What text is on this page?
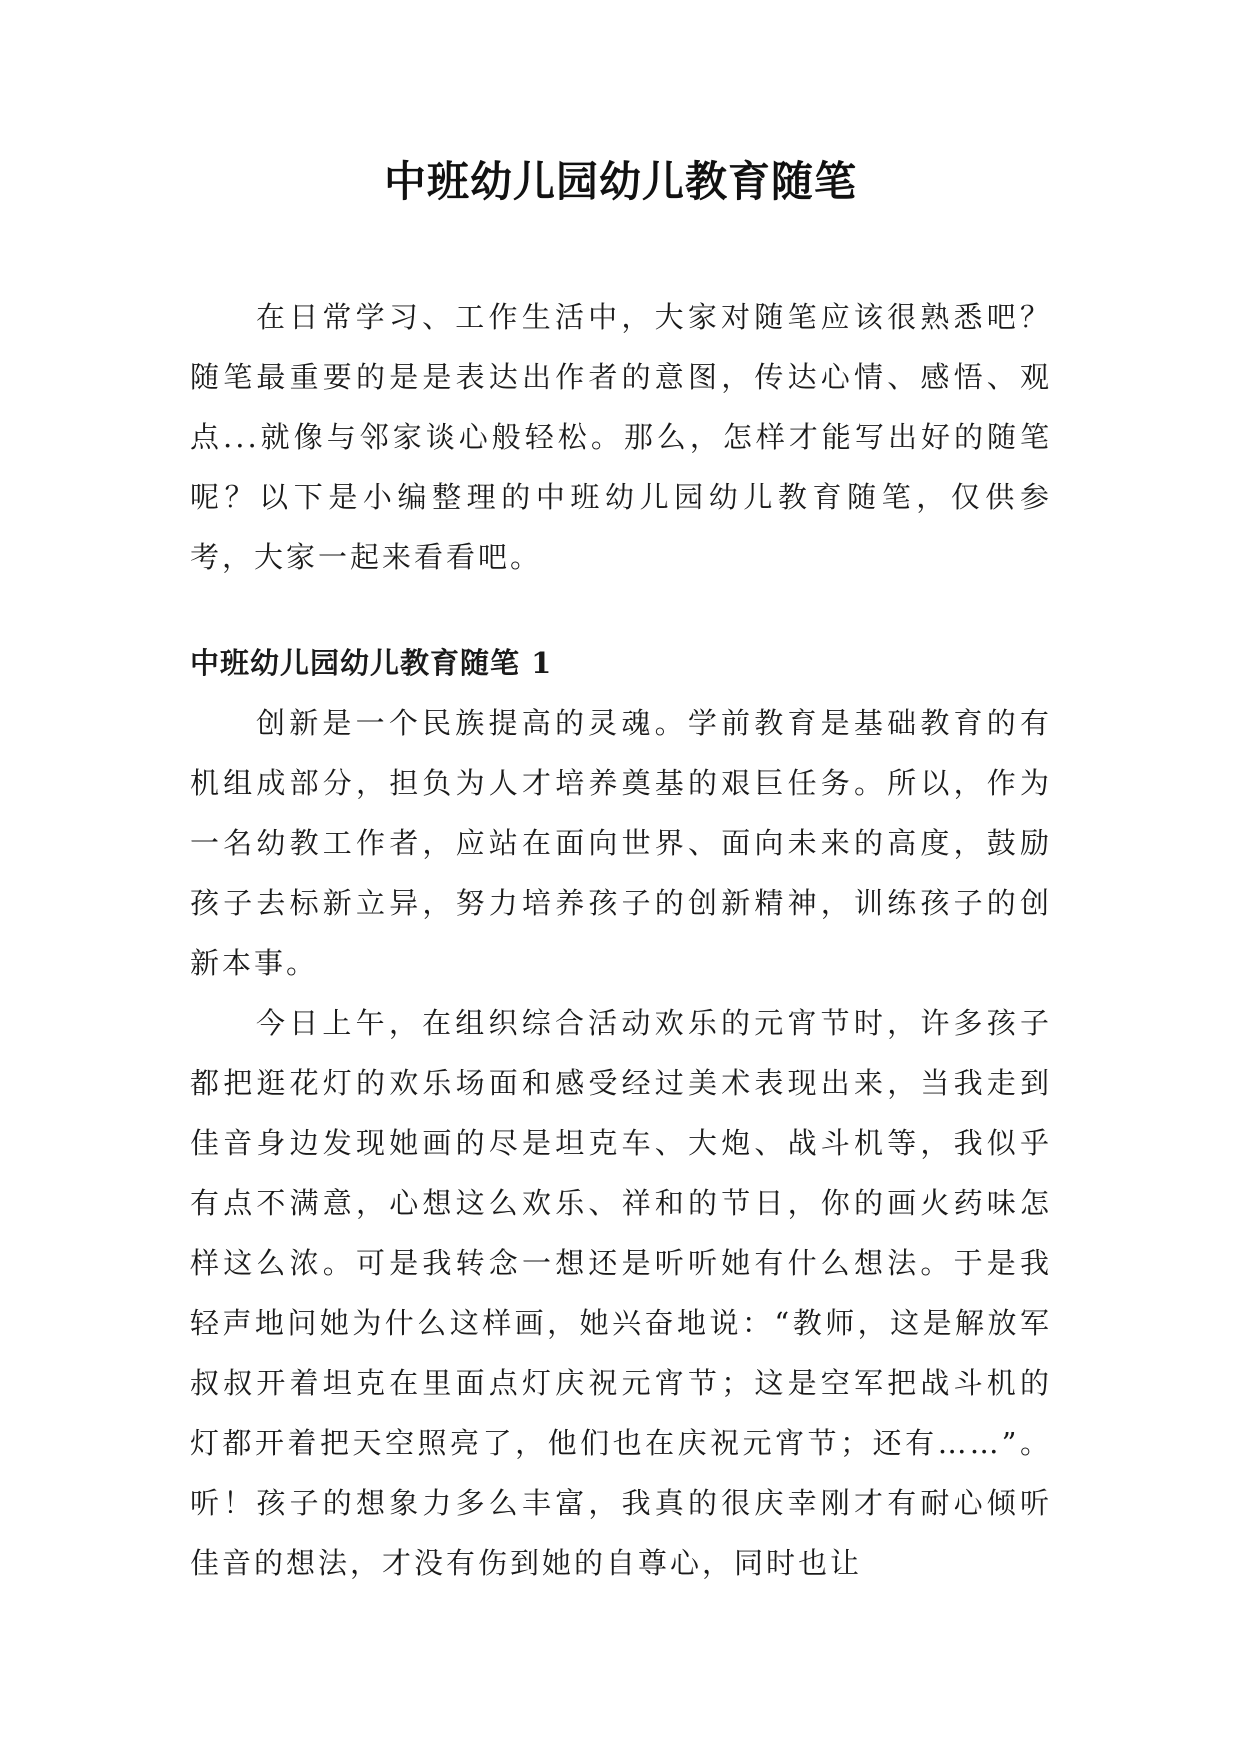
中班幼儿园幼儿教育随笔

在日常学习、工作生活中，大家对随笔应该很熟悉吧？随笔最重要的是是表达出作者的意图，传达心情、感悟、观点...就像与邻家谈心般轻松。那么，怎样才能写出好的随笔呢？以下是小编整理的中班幼儿园幼儿教育随笔，仅供参考，大家一起来看看吧。

中班幼儿园幼儿教育随笔 1

创新是一个民族提高的灵魂。学前教育是基础教育的有机组成部分，担负为人才培养奠基的艰巨任务。所以，作为一名幼教工作者，应站在面向世界、面向未来的高度，鼓励孩子去标新立异，努力培养孩子的创新精神，训练孩子的创新本事。

今日上午，在组织综合活动欢乐的元宵节时，许多孩子都把逛花灯的欢乐场面和感受经过美术表现出来，当我走到佳音身边发现她画的尽是坦克车、大炮、战斗机等，我似乎有点不满意，心想这么欢乐、祥和的节日，你的画火药味怎样这么浓。可是我转念一想还是听听她有什么想法。于是我轻声地问她为什么这样画，她兴奋地说：“教师，这是解放军叔叔开着坦克在里面点灯庆祝元宵节；这是空军把战斗机的灯都开着把天空照亮了，他们也在庆祝元宵节；还有……”。听！孩子的想象力多么丰富，我真的很庆幸刚才有耐心倾听佳音的想法，才没有伤到她的自尊心，同时也让
